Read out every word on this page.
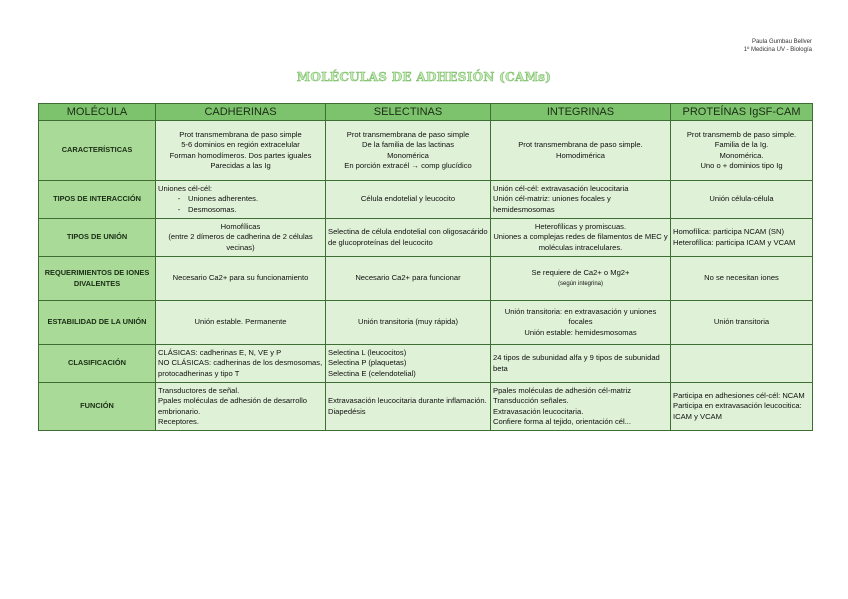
Paula Gumbau Bellver
1º Medicina UV - Biología
MOLÉCULAS DE ADHESIÓN (CAMs)
MOLÉCULA	CADHERINAS	SELECTINAS	INTEGRINAS	PROTEÍNAS IgSF-CAM
CARACTERÍSTICAS	Prot transmembrana de paso simple
5-6 dominios en región extracelular
Forman homodímeros. Dos partes iguales
Parecidas a las Ig	Prot transmembrana de paso simple
De la familia de las lactinas
Monomérica
En porción extracél → comp glucídico	Prot transmembrana de paso simple.
Homodimérica	Prot transmemb de paso simple.
Familia de la Ig.
Monomérica.
Uno o + dominios tipo Ig

TIPOS DE INTERACCIÓN	Uniones cél-cél:
- Uniones adherentes.
- Desmosomas.	Célula endotelial y leucocito	Unión cél-cél: extravasación leucocitaria
Unión cél-matriz: uniones focales y hemidesmosomas	Unión célula-célula

TIPOS DE UNIÓN	Homofílicas
(entre 2 dímeros de cadherina de 2 células vecinas)	Selectina de célula endotelial con oligosacárido de glucoproteínas del leucocito	Heterofílicas y promiscuas.
Uniones a complejas redes de filamentos de MEC y moléculas intracelulares.	Homofílica: participa NCAM (SN)
Heterofílica: participa ICAM y VCAM

REQUERIMIENTOS DE IONES DIVALENTES	Necesario Ca2+ para su funcionamiento	Necesario Ca2+ para funcionar	Se requiere de Ca2+ o Mg2+
(según integrina)	No se necesitan iones

ESTABILIDAD DE LA UNIÓN	Unión estable. Permanente	Unión transitoria (muy rápida)	Unión transitoria: en extravasación y uniones focales
Unión estable: hemidesmosomas	Unión transitoria

CLASIFICACIÓN	CLÁSICAS: cadherinas E, N, VE y P
NO CLÁSICAS: cadherinas de los desmosomas, protocadherinas y tipo T	Selectina L (leucocitos)
Selectina P (plaquetas)
Selectina E (celendotelial)	24 tipos de subunidad alfa y 9 tipos de subunidad beta	

FUNCIÓN	Transductores de señal.
Ppales moléculas de adhesión de desarrollo embrionario.
Receptores.	Extravasación leucocitaria durante inflamación.
Diapedésis	Ppales moléculas de adhesión cél-matriz
Transducción señales.
Extravasación leucocitaria.
Confiere forma al tejido, orientación cél...	Participa en adhesiones cél-cél: NCAM
Participa en extravasación leucocitica: ICAM y VCAM
